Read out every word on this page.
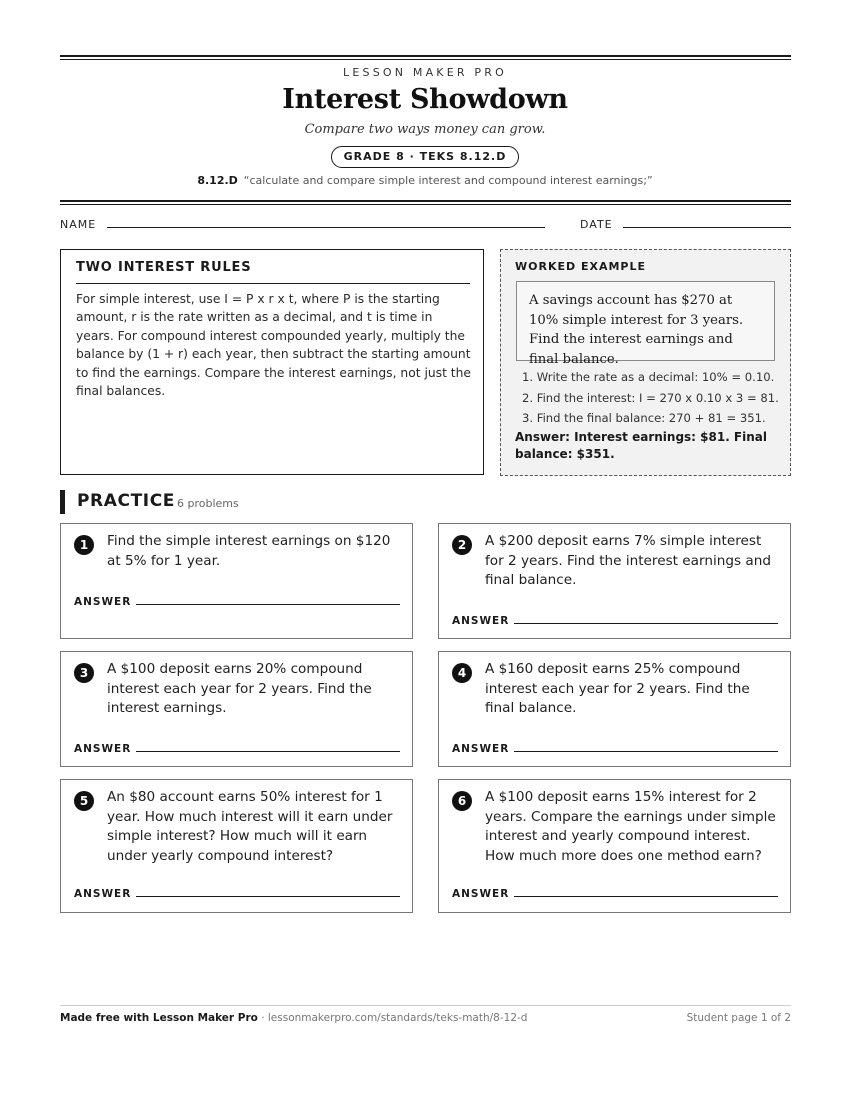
LESSON MAKER PRO
Interest Showdown
Compare two ways money can grow.
GRADE 8 · TEKS 8.12.D
8.12.D “calculate and compare simple interest and compound interest earnings;”
NAME	DATE
TWO INTEREST RULES
For simple interest, use I = P x r x t, where P is the starting amount, r is the rate written as a decimal, and t is time in years. For compound interest compounded yearly, multiply the balance by (1 + r) each year, then subtract the starting amount to find the earnings. Compare the interest earnings, not just the final balances.
WORKED EXAMPLE
A savings account has $270 at 10% simple interest for 3 years. Find the interest earnings and final balance.
1. Write the rate as a decimal: 10% = 0.10.
2. Find the interest: I = 270 x 0.10 x 3 = 81.
3. Find the final balance: 270 + 81 = 351.
Answer: Interest earnings: $81. Final balance: $351.
PRACTICE 6 problems
1	Find the simple interest earnings on $120 at 5% for 1 year.
ANSWER
2	A $200 deposit earns 7% simple interest for 2 years. Find the interest earnings and final balance.
ANSWER
3	A $100 deposit earns 20% compound interest each year for 2 years. Find the interest earnings.
ANSWER
4	A $160 deposit earns 25% compound interest each year for 2 years. Find the final balance.
ANSWER
5	An $80 account earns 50% interest for 1 year. How much interest will it earn under simple interest? How much will it earn under yearly compound interest?
ANSWER
6	A $100 deposit earns 15% interest for 2 years. Compare the earnings under simple interest and yearly compound interest. How much more does one method earn?
ANSWER
Made free with Lesson Maker Pro · lessonmakerpro.com/standards/teks-math/8-12-d	Student page 1 of 2
